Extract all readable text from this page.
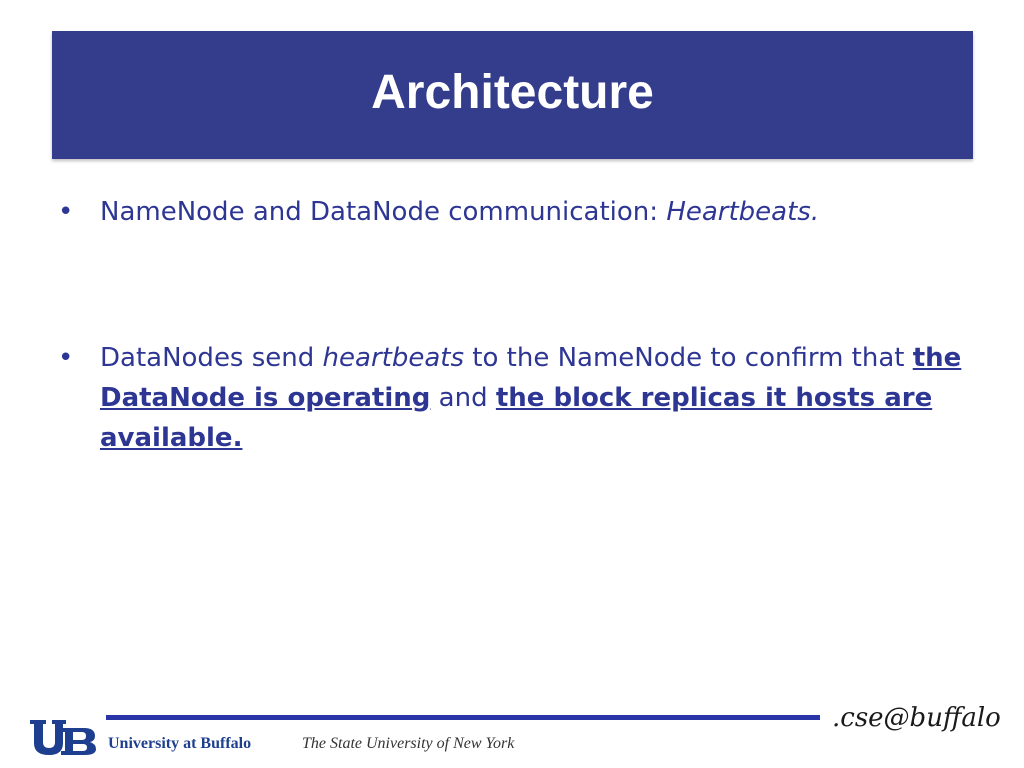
Architecture
• NameNode and DataNode communication: Heartbeats.
• DataNodes send heartbeats to the NameNode to confirm that the DataNode is operating and the block replicas it hosts are available.
University at Buffalo	The State University of New York
.cse@buffalo
